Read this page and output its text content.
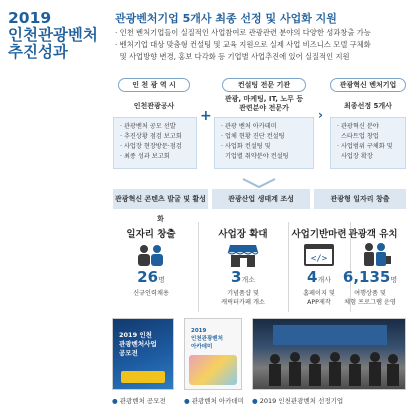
2019
인천관광벤처
추진성과
관광벤처기업 5개사 최종 선정 및 사업화 지원
· 인천 벤처기업들이 실질적인 사업참여로 관광관련 분야의 다양한 성과창출 가능
· 벤처기업 대상 맞춤형 컨설팅 및 교육 지원으로 실제 사업 비즈니스 모델 구체화
및 사업방향 변경, 홍보 다각화 등 기업별 사업추진에 있어 실질적인 지원
인 천 광 역 시
인천관광공사
· 관광벤처 공모 선발
· 추진상황 점검 보고회
· 사업장 현장방문·점검
· 최종 성과 보고회
+
컨설팅 전문 기관
관광, 마케팅, IT, 노무 등
관련분야 전문가
· 관광 벤처 아카데미
· 업체 현황 진단 컨설팅
· 사업화 컨설팅 및
기업별 취약분야 컨설팅
›
관광혁신 벤처기업
최종선정 5개사
· 관광혁신 분야
스타트업 창업
· 사업범위 구체화 및
사업장 확장
관광혁신 콘텐츠 발굴 및 활성화
관광산업 생태계 조성	관광형 일자리 창출
일자리 창출
26명
신규인력채용
사업장 확대
3개소
기념품샵 및
캐릭터카페 개소
사업기반마련
</>
4개사
홈페이지 및
APP제작
관광객 유치
6,135명
여행상품 및
체험 프로그램 운영
2019 인천
관광벤처사업
공모전
2019
인천관광벤처
아카데미
● 관광벤처 공모전	● 관광벤처 아카데미 ● 2019 인천관광벤처 선정기업
